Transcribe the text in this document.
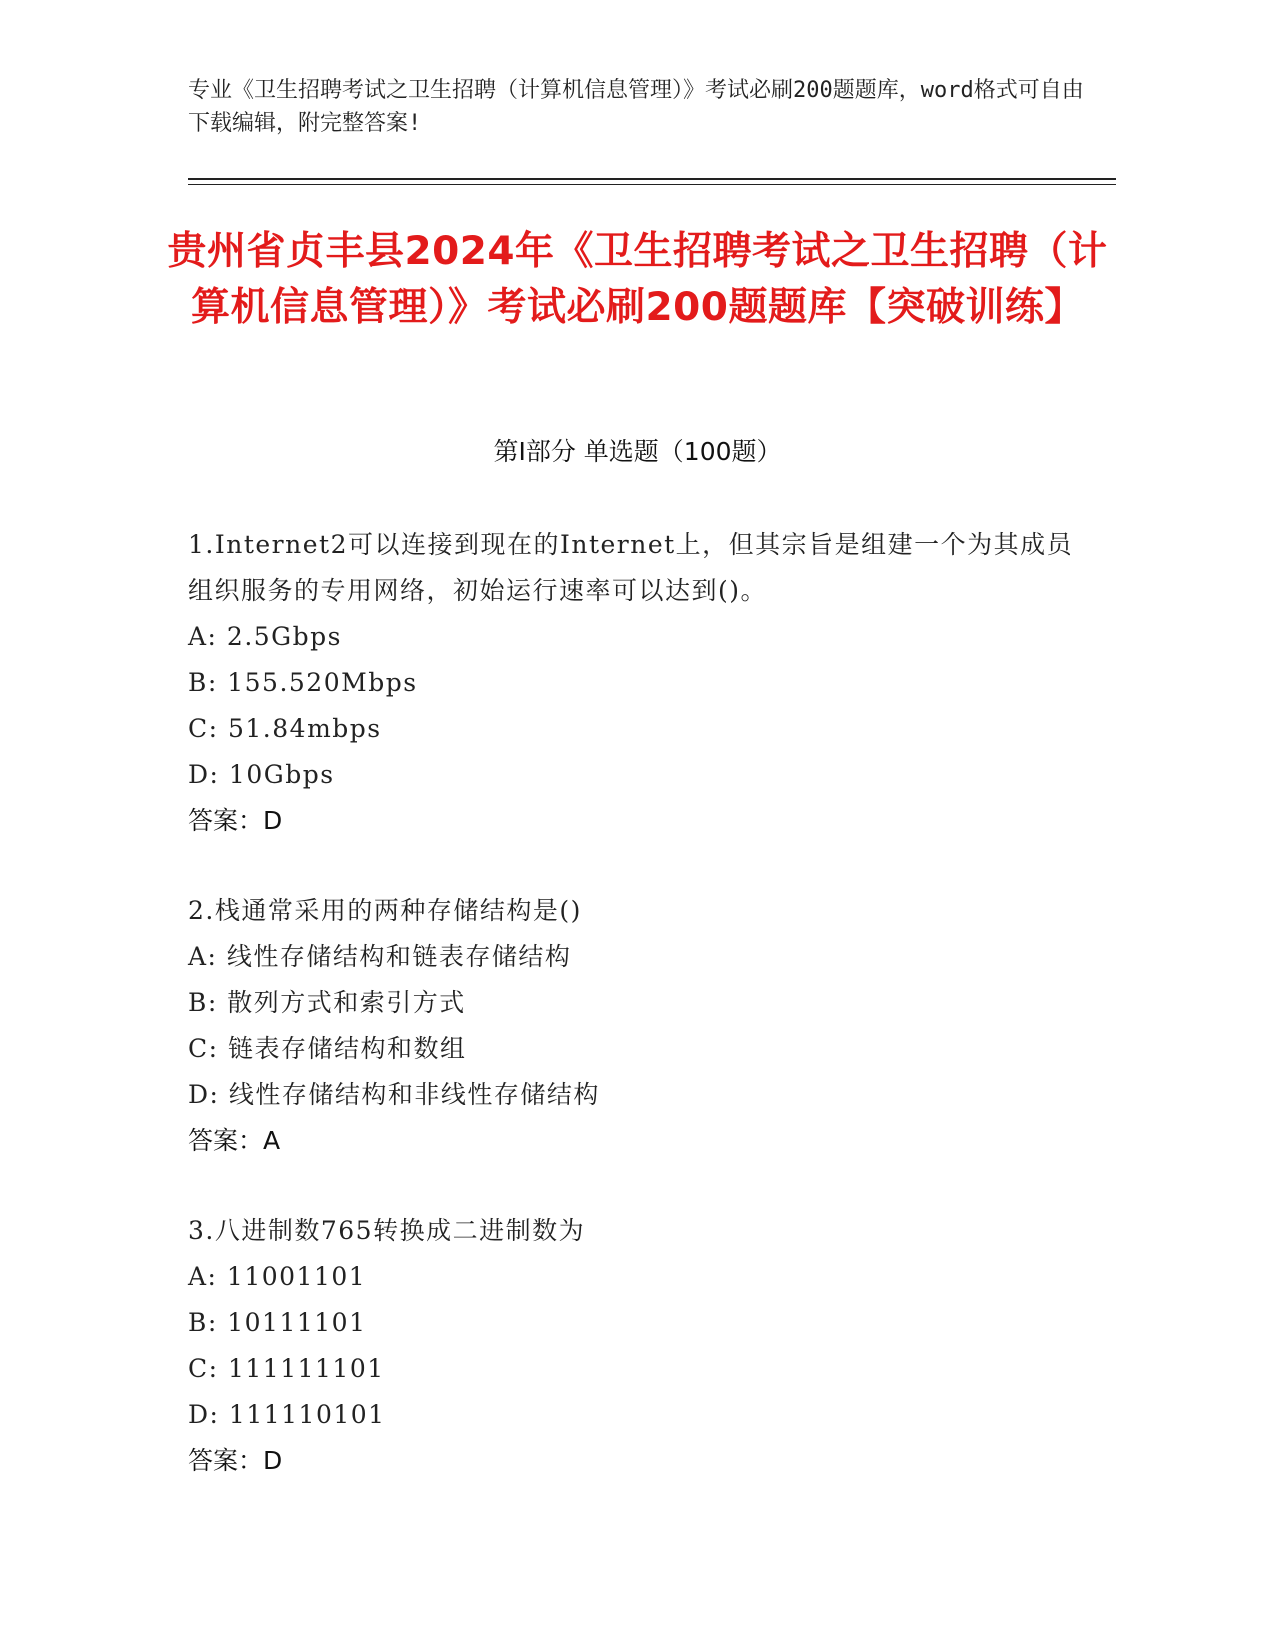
专业《卫生招聘考试之卫生招聘（计算机信息管理）》考试必刷200题题库，word格式可自由下载编辑，附完整答案!
贵州省贞丰县2024年《卫生招聘考试之卫生招聘（计算机信息管理）》考试必刷200题题库【突破训练】
第Ⅰ部分 单选题（100题）
1.Internet2可以连接到现在的Internet上，但其宗旨是组建一个为其成员组织服务的专用网络，初始运行速率可以达到()。
A: 2.5Gbps
B: 155.520Mbps
C: 51.84mbps
D: 10Gbps
答案：D
2.栈通常采用的两种存储结构是()
A: 线性存储结构和链表存储结构
B: 散列方式和索引方式
C: 链表存储结构和数组
D: 线性存储结构和非线性存储结构
答案：A
3.八进制数765转换成二进制数为
A: 11001101
B: 10111101
C: 111111101
D: 111110101
答案：D
